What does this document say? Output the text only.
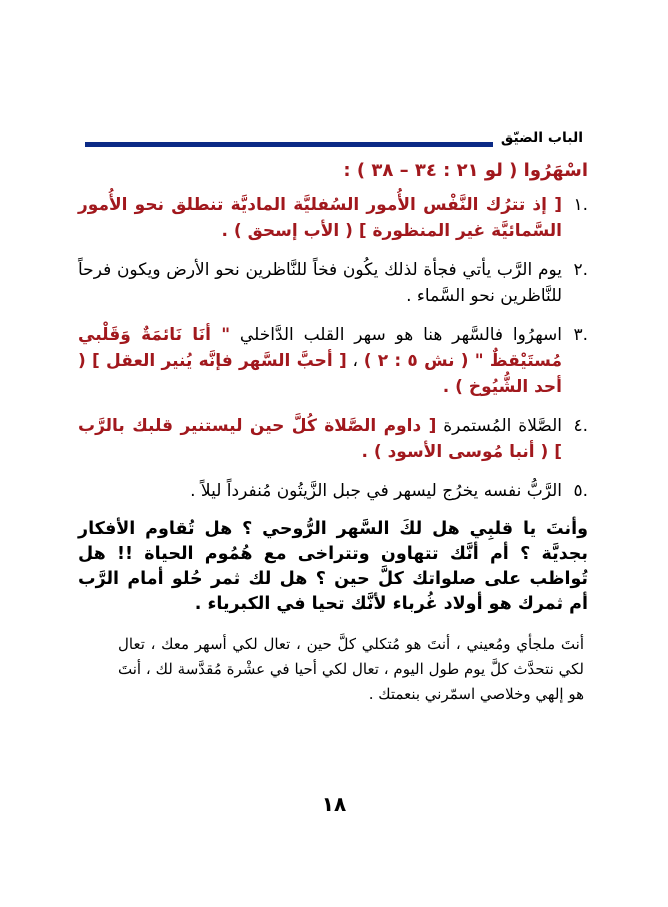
الباب الضيّق
اسْهَرُوا ( لو ٢١ : ٣٤ – ٣٨ ) :
.١
[ إذ تترُك النَّفْس الأُمور السُفليَّة الماديَّة تنطلق نحو الأُمور السَّمائيَّة غير المنظورة ] ( الأب إسحق ) .
.٢
يوم الرَّب يأتي فجأة لذلك يكُون فخاً للنَّاظرين نحو الأرض ويكون فرحاً للنَّاظرين نحو السَّماء .
.٣
اسهرُوا فالسَّهر هنا هو سهر القلب الدَّاخلي " أنَا نَائمَةٌ وَقَلْبي مُستَيْقظٌ " ( نش ٥ : ٢ ) ، [ أحبَّ السَّهر فإنَّه يُنير العقل ] ( أحد الشُّيُوخ ) .
.٤
الصَّلاة المُستمرة [ داوم الصَّلاة كُلَّ حين ليستنير قلبك بالرَّب ] ( أنبا مُوسى الأسود ) .
.٥
الرَّبُّ نفسه يخرُج ليسهر في جبل الزَّيتُون مُنفرداً ليلاً .

وأنتَ يا قلبِي هل لكَ السَّهر الرُّوحي ؟ هل تُقاوم الأفكار بجديَّة ؟ أم أنَّك تتهاون وتتراخى مع هُمُوم الحياة !! هل تُواظب على صلواتك كلَّ حين ؟ هل لك ثمر حُلو أمام الرَّب أم ثمرك هو أولاد غُرباء لأنَّك تحيا في الكبرياء .

أنتَ ملجأي ومُعيني ، أنتَ هو مُتكلي كلَّ حين ، تعال لكي أسهر معك ، تعال لكي نتحدَّث كلَّ يوم طول اليوم ، تعال لكي أحيا في عشْرة مُقدَّسة لك ، أنتَ هو إلهي وخلاصي اسمّرني بنعمتك .

١٨
